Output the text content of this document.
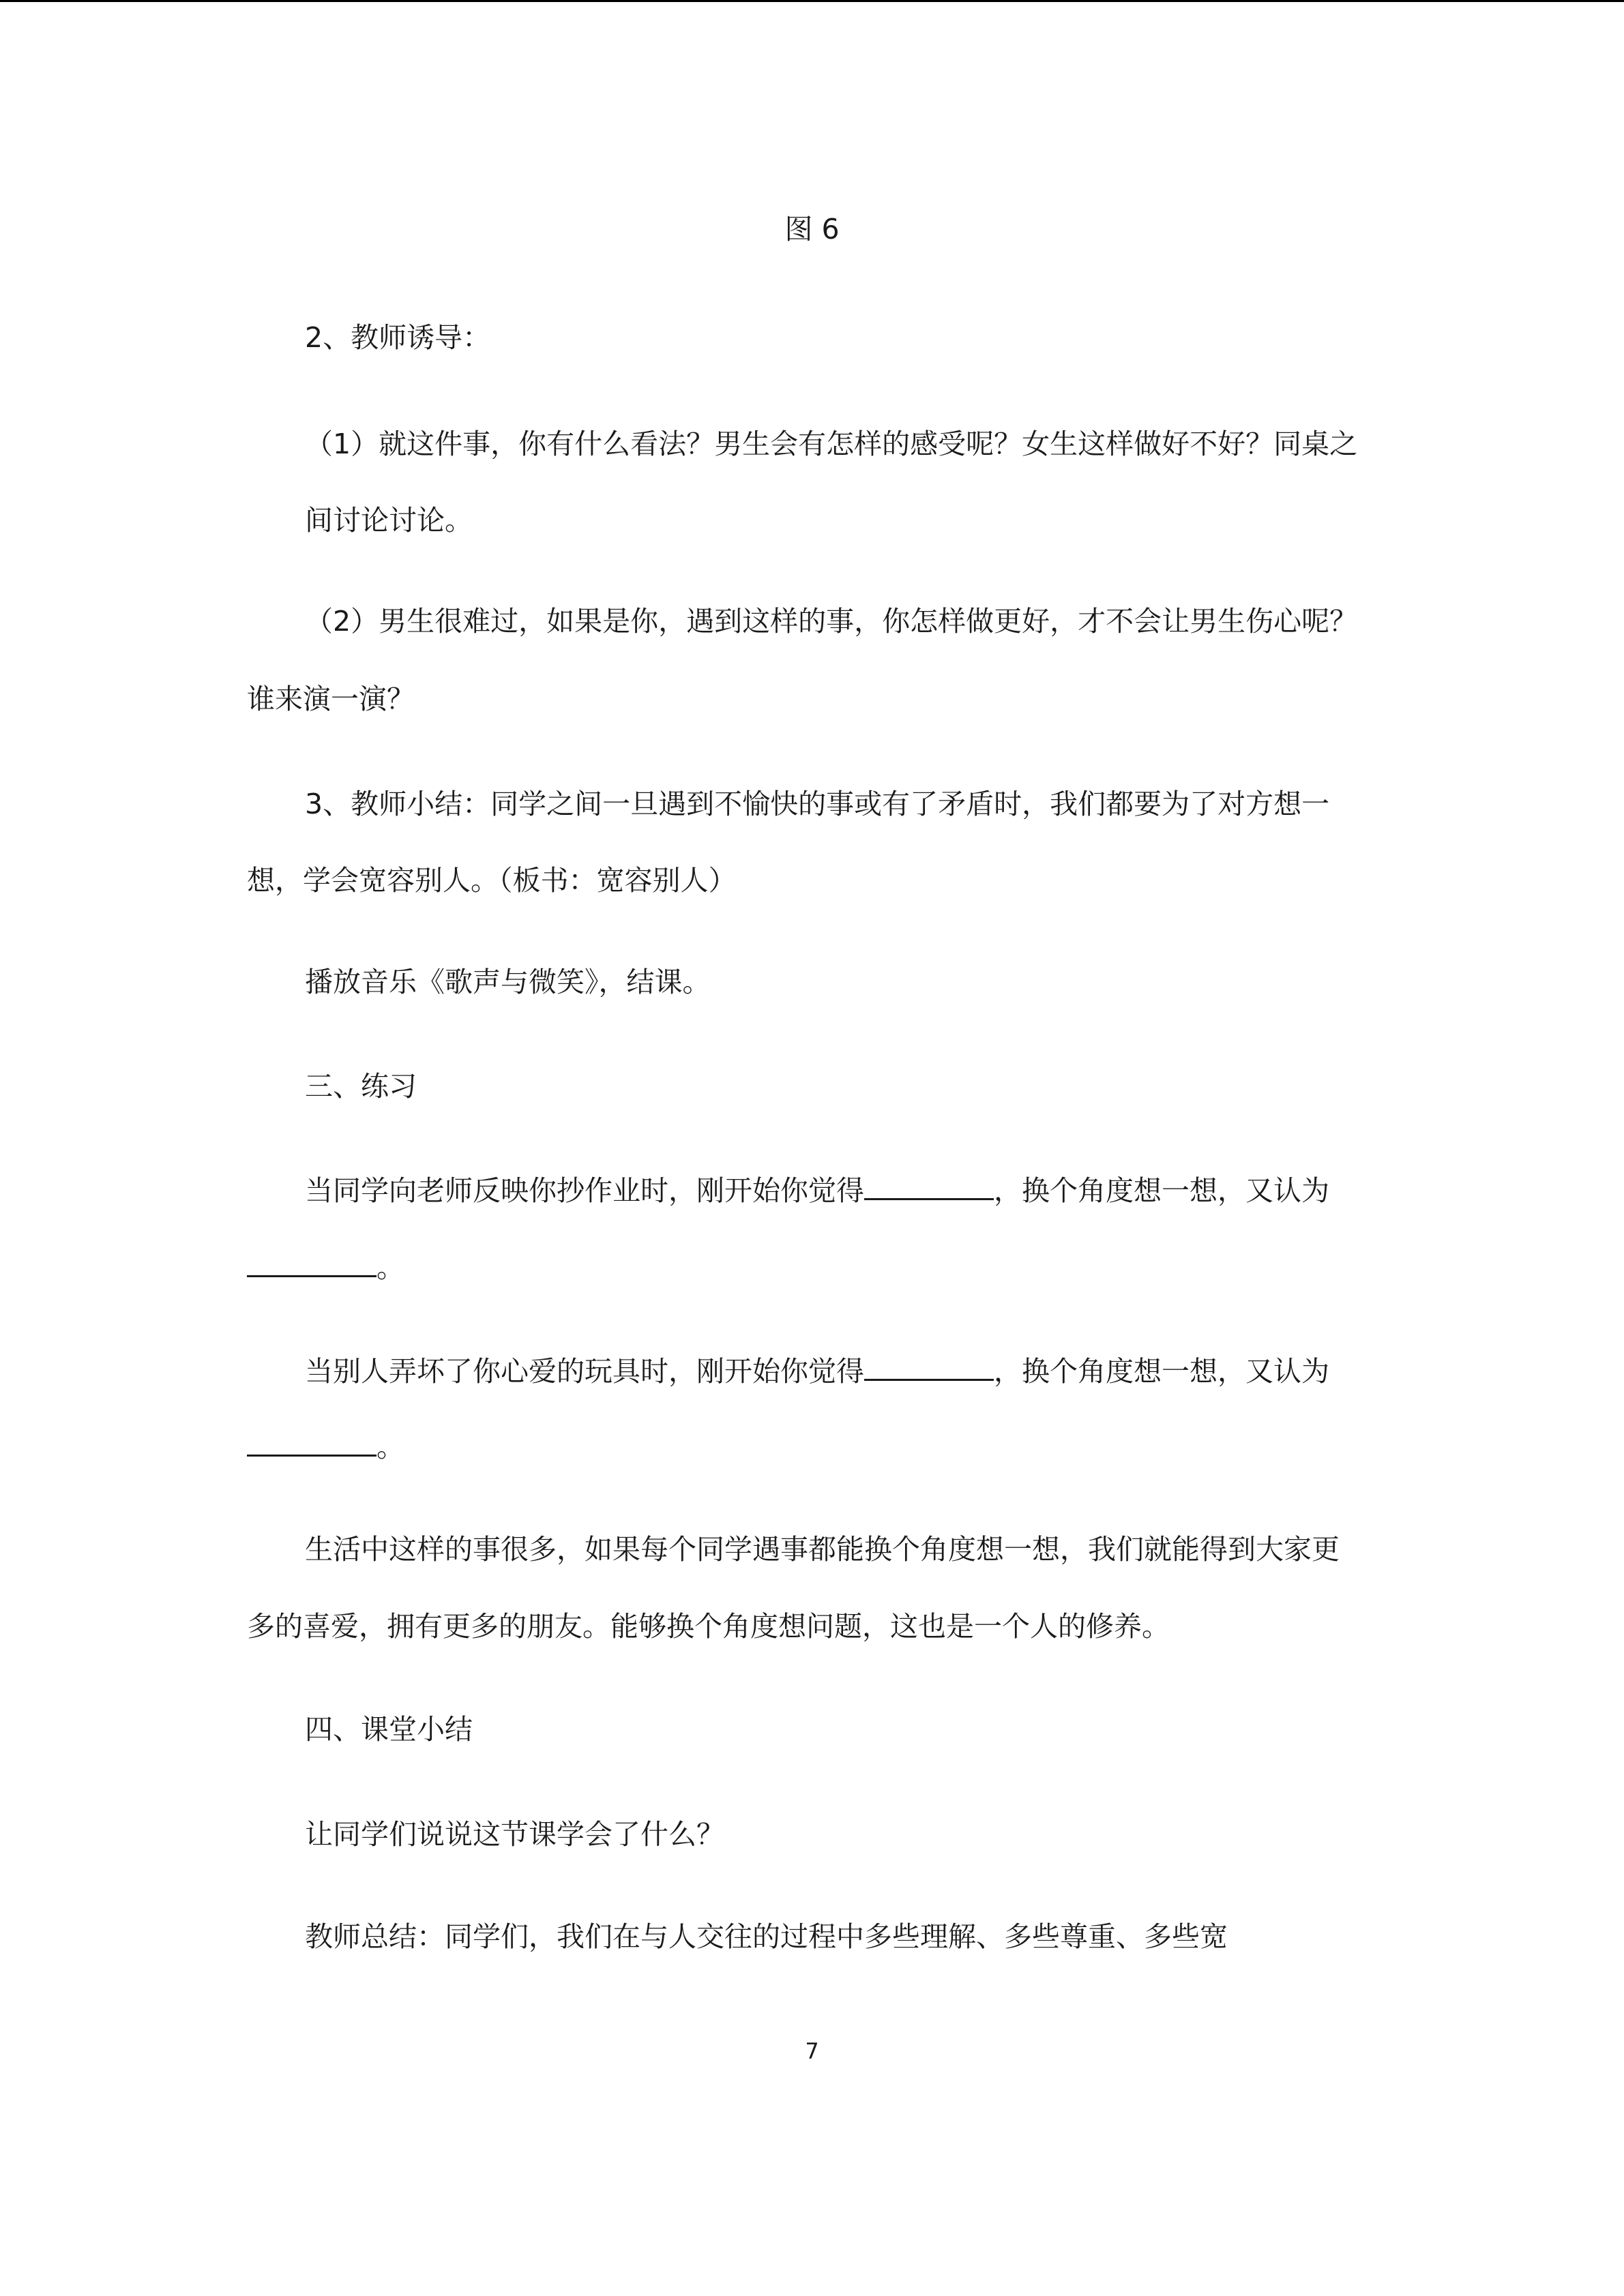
图 6
2、教师诱导：
（1）就这件事，你有什么看法？男生会有怎样的感受呢？女生这样做好不好？同桌之
间讨论讨论。
（2）男生很难过，如果是你，遇到这样的事，你怎样做更好，才不会让男生伤心呢？
谁来演一演？
3、教师小结：同学之间一旦遇到不愉快的事或有了矛盾时，我们都要为了对方想一
想，学会宽容别人。（板书：宽容别人）
播放音乐《歌声与微笑》，结课。
三、练习
当同学向老师反映你抄作业时，刚开始你觉得	，换个角度想一想，又认为
。
当别人弄坏了你心爱的玩具时，刚开始你觉得	，换个角度想一想，又认为
。
生活中这样的事很多，如果每个同学遇事都能换个角度想一想，我们就能得到大家更
多的喜爱，拥有更多的朋友。能够换个角度想问题，这也是一个人的修养。
四、课堂小结
让同学们说说这节课学会了什么？
教师总结：同学们，我们在与人交往的过程中多些理解、多些尊重、多些宽
7
